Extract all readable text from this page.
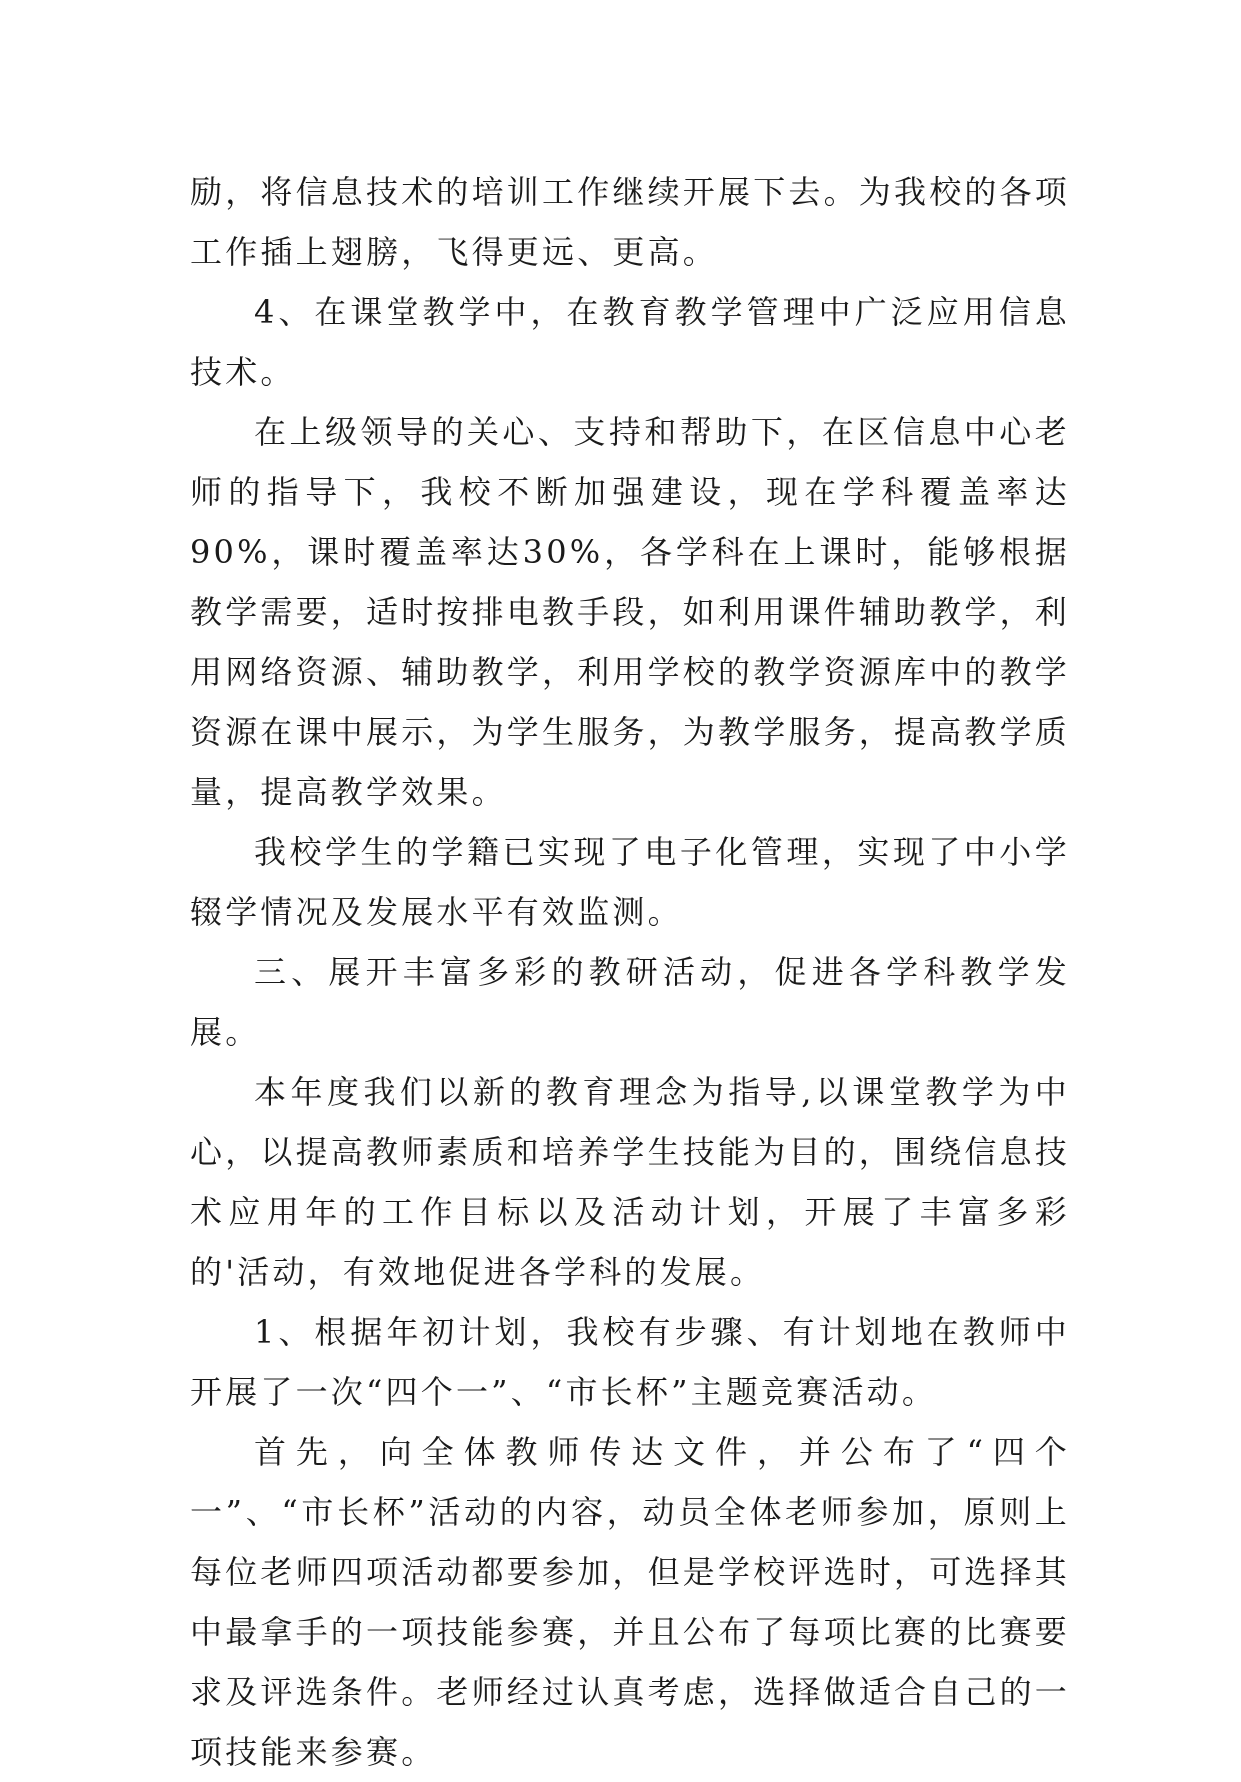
励，将信息技术的培训工作继续开展下去。为我校的各项工作插上翅膀，飞得更远、更高。

4、在课堂教学中，在教育教学管理中广泛应用信息技术。

在上级领导的关心、支持和帮助下，在区信息中心老师的指导下，我校不断加强建设，现在学科覆盖率达90%，课时覆盖率达30%，各学科在上课时，能够根据教学需要，适时按排电教手段，如利用课件辅助教学，利用网络资源、辅助教学，利用学校的教学资源库中的教学资源在课中展示，为学生服务，为教学服务，提高教学质量，提高教学效果。

我校学生的学籍已实现了电子化管理，实现了中小学辍学情况及发展水平有效监测。

三、展开丰富多彩的教研活动，促进各学科教学发展。

本年度我们以新的教育理念为指导,以课堂教学为中心，以提高教师素质和培养学生技能为目的，围绕信息技术应用年的工作目标以及活动计划，开展了丰富多彩的'活动，有效地促进各学科的发展。

1、根据年初计划，我校有步骤、有计划地在教师中开展了一次“四个一”、“市长杯”主题竞赛活动。

首先，向全体教师传达文件，并公布了“四个一”、“市长杯”活动的内容，动员全体老师参加，原则上每位老师四项活动都要参加，但是学校评选时，可选择其中最拿手的一项技能参赛，并且公布了每项比赛的比赛要求及评选条件。老师经过认真考虑，选择做适合自己的一项技能来参赛。
